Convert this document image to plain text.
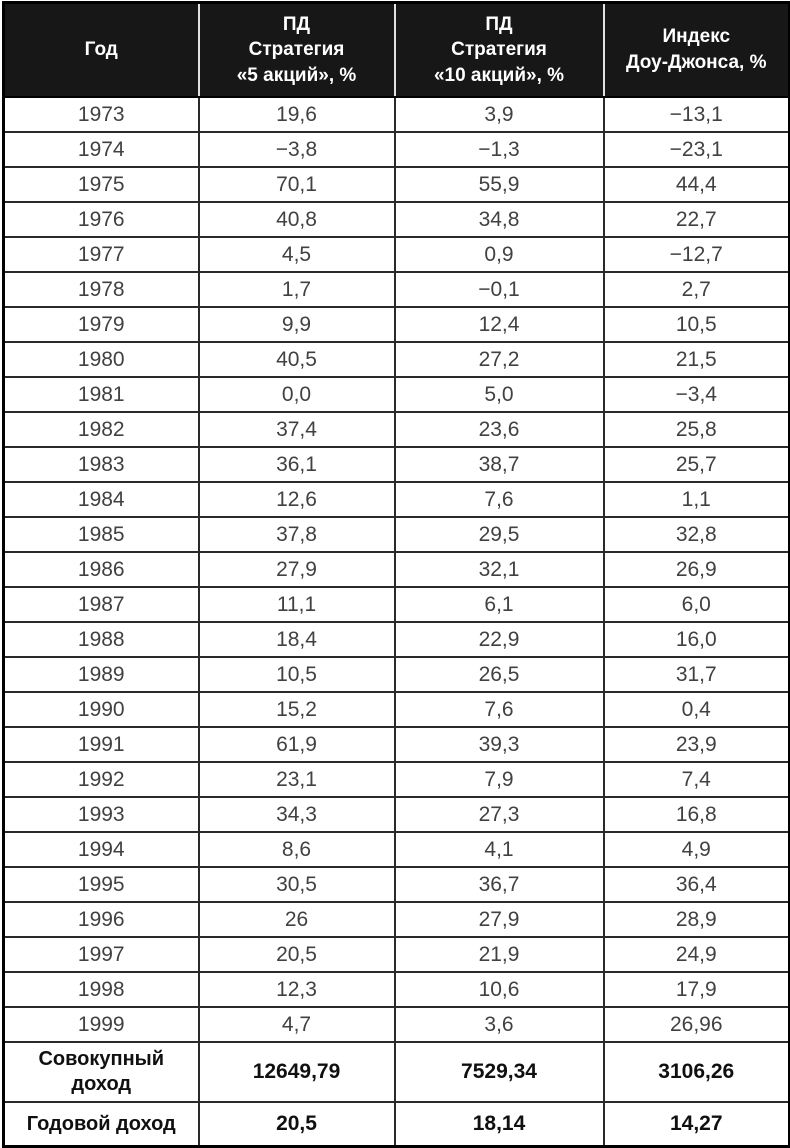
Год	ПД
Стратегия
«5 акций», %	ПД
Стратегия
«10 акций», %	Индекс
Доу-Джонса, %
1973	19,6	3,9	−13,1
1974	−3,8	−1,3	−23,1
1975	70,1	55,9	44,4
1976	40,8	34,8	22,7
1977	4,5	0,9	−12,7
1978	1,7	−0,1	2,7
1979	9,9	12,4	10,5
1980	40,5	27,2	21,5
1981	0,0	5,0	−3,4
1982	37,4	23,6	25,8
1983	36,1	38,7	25,7
1984	12,6	7,6	1,1
1985	37,8	29,5	32,8
1986	27,9	32,1	26,9
1987	11,1	6,1	6,0
1988	18,4	22,9	16,0
1989	10,5	26,5	31,7
1990	15,2	7,6	0,4
1991	61,9	39,3	23,9
1992	23,1	7,9	7,4
1993	34,3	27,3	16,8
1994	8,6	4,1	4,9
1995	30,5	36,7	36,4
1996	26	27,9	28,9
1997	20,5	21,9	24,9
1998	12,3	10,6	17,9
1999	4,7	3,6	26,96
Совокупный
доход	12649,79	7529,34	3106,26
Годовой доход	20,5	18,14	14,27
